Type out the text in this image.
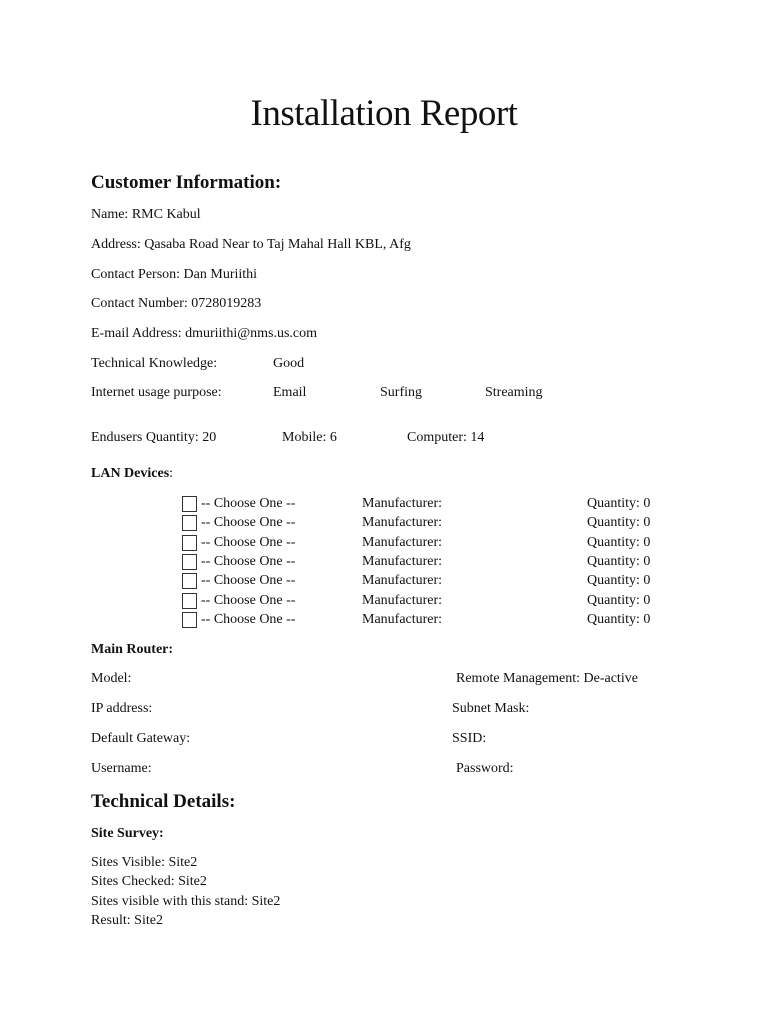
Installation Report
Customer Information:
Name: RMC Kabul
Address: Qasaba Road Near to Taj Mahal Hall KBL, Afg
Contact Person: Dan Muriithi
Contact Number: 0728019283
E-mail Address: dmuriithi@nms.us.com
Technical Knowledge:	Good
Internet usage purpose:	Email	Surfing	Streaming
Endusers Quantity: 20	Mobile: 6	Computer: 14
LAN Devices:
-- Choose One --	Manufacturer:	Quantity: 0
-- Choose One --	Manufacturer:	Quantity: 0
-- Choose One --	Manufacturer:	Quantity: 0
-- Choose One --	Manufacturer:	Quantity: 0
-- Choose One --	Manufacturer:	Quantity: 0
-- Choose One --	Manufacturer:	Quantity: 0
-- Choose One --	Manufacturer:	Quantity: 0
Main Router:
Model:	Remote Management: De-active
IP address:	Subnet Mask:
Default Gateway:	SSID:
Username:	Password:
Technical Details:
Site Survey:
Sites Visible: Site2
Sites Checked: Site2
Sites visible with this stand: Site2
Result: Site2
